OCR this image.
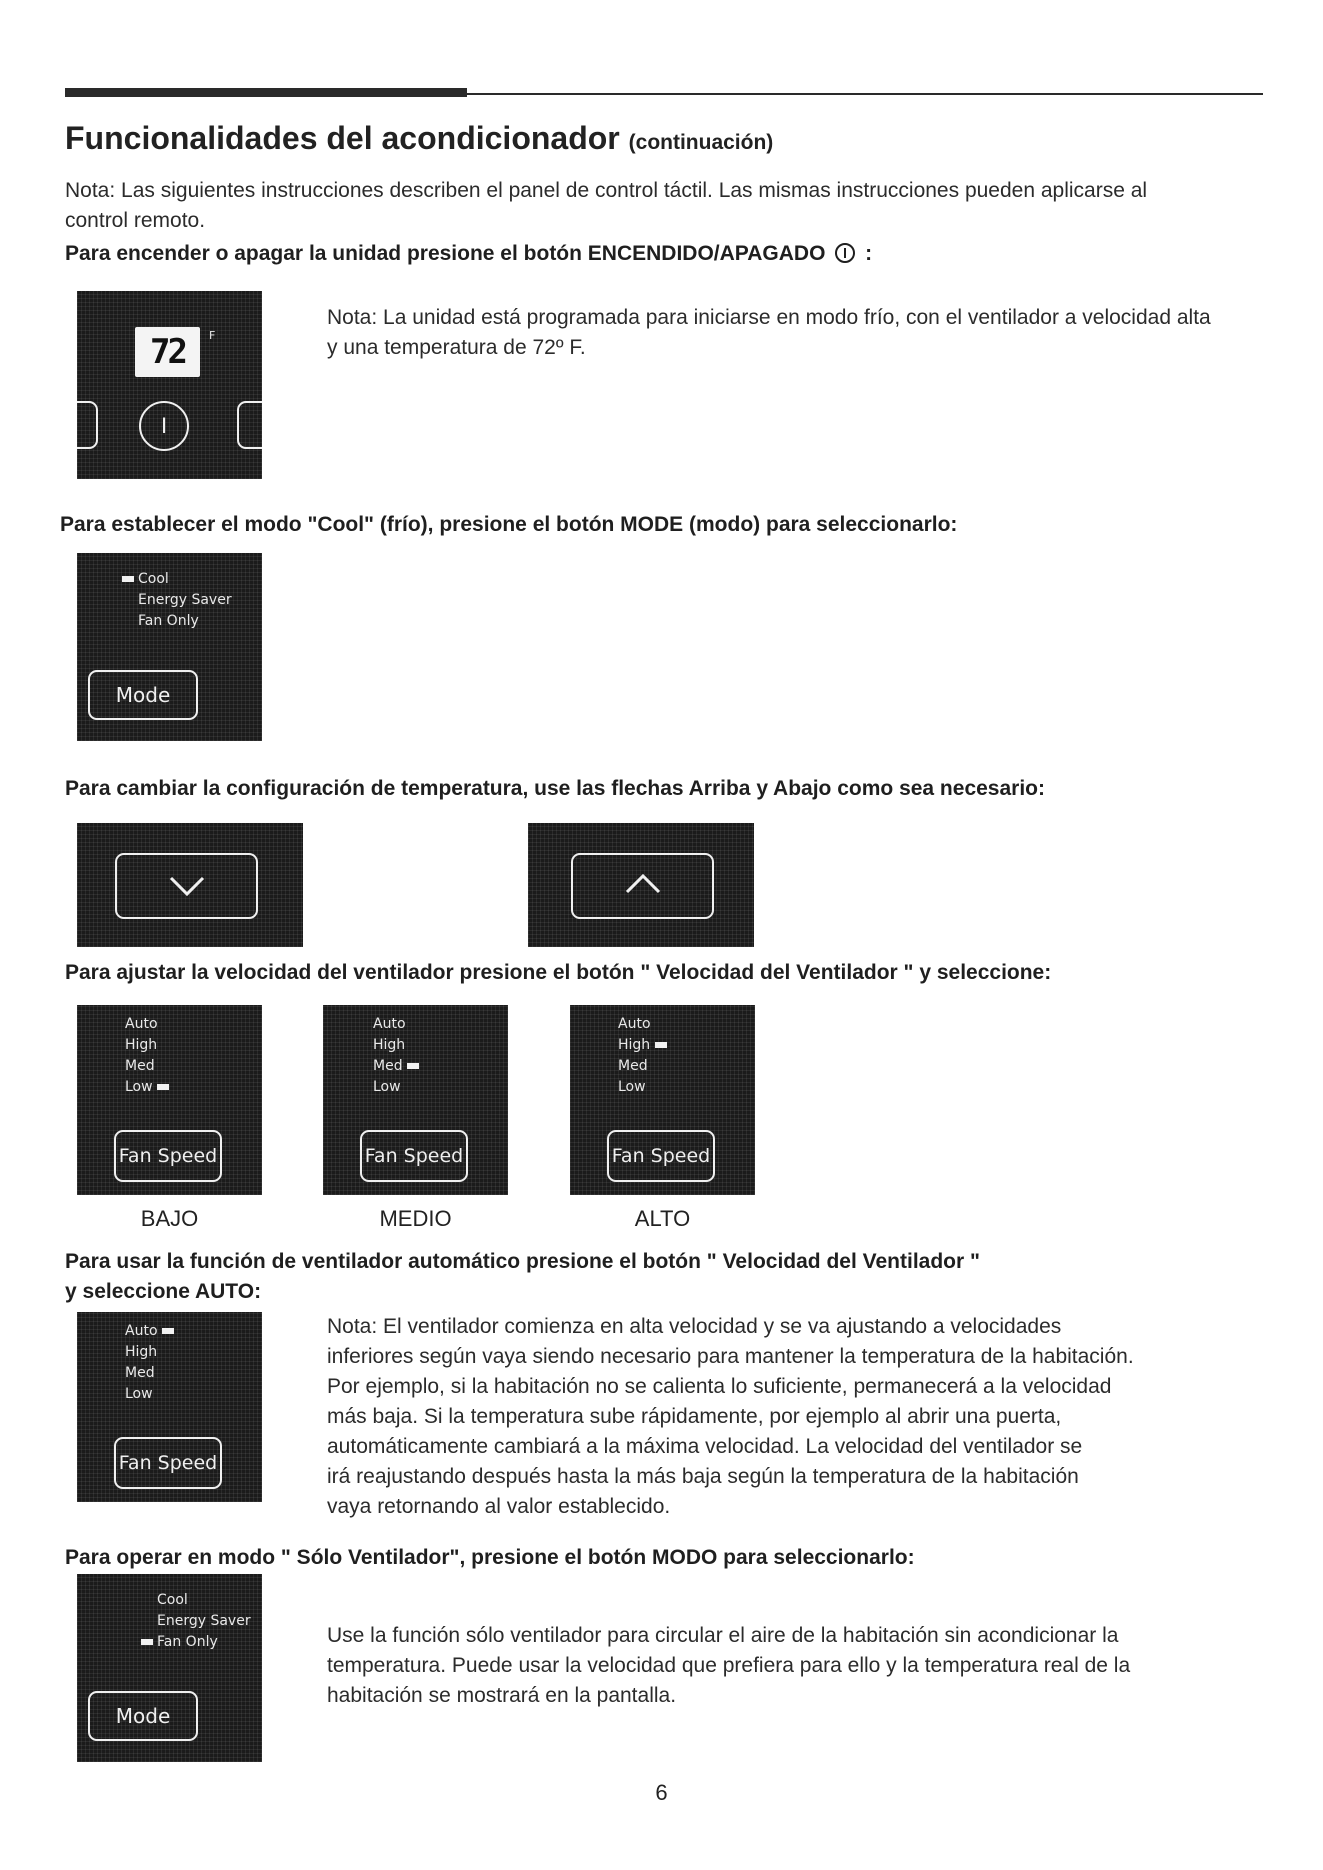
Funcionalidades del acondicionador (continuación)
Nota: Las siguientes instrucciones describen el panel de control táctil. Las mismas instrucciones pueden aplicarse al control remoto.
Para encender o apagar la unidad presione el botón ENCENDIDO/APAGADO :
72	F
I
Nota: La unidad está programada para iniciarse en modo frío, con el ventilador a velocidad alta y una temperatura de 72º F.
Para establecer el modo "Cool" (frío), presione el botón MODE (modo) para seleccionarlo:
Cool
Energy Saver
Fan Only
Mode
Para cambiar la configuración de temperatura, use las flechas Arriba y Abajo como sea necesario:
Para ajustar la velocidad del ventilador presione el botón " Velocidad del Ventilador " y seleccione:
Auto
High
Med
Low
Fan Speed
Auto
High
Med
Low
Fan Speed
Auto
High
Med
Low
Fan Speed
BAJO	MEDIO	ALTO
Para usar la función de ventilador automático presione el botón " Velocidad del Ventilador "
y seleccione AUTO:
Auto
High
Med
Low
Fan Speed
Nota: El ventilador comienza en alta velocidad y se va ajustando a velocidades
inferiores según vaya siendo necesario para mantener la temperatura de la habitación.
Por ejemplo, si la habitación no se calienta lo suficiente, permanecerá a la velocidad
más baja. Si la temperatura sube rápidamente, por ejemplo al abrir una puerta,
automáticamente cambiará a la máxima velocidad. La velocidad del ventilador se
irá reajustando después hasta la más baja según la temperatura de la habitación
vaya retornando al valor establecido.
Para operar en modo " Sólo Ventilador", presione el botón MODO para seleccionarlo:
Cool
Energy Saver
Fan Only
Mode
Use la función sólo ventilador para circular el aire de la habitación sin acondicionar la
temperatura. Puede usar la velocidad que prefiera para ello y la temperatura real de la
habitación se mostrará en la pantalla.
6
